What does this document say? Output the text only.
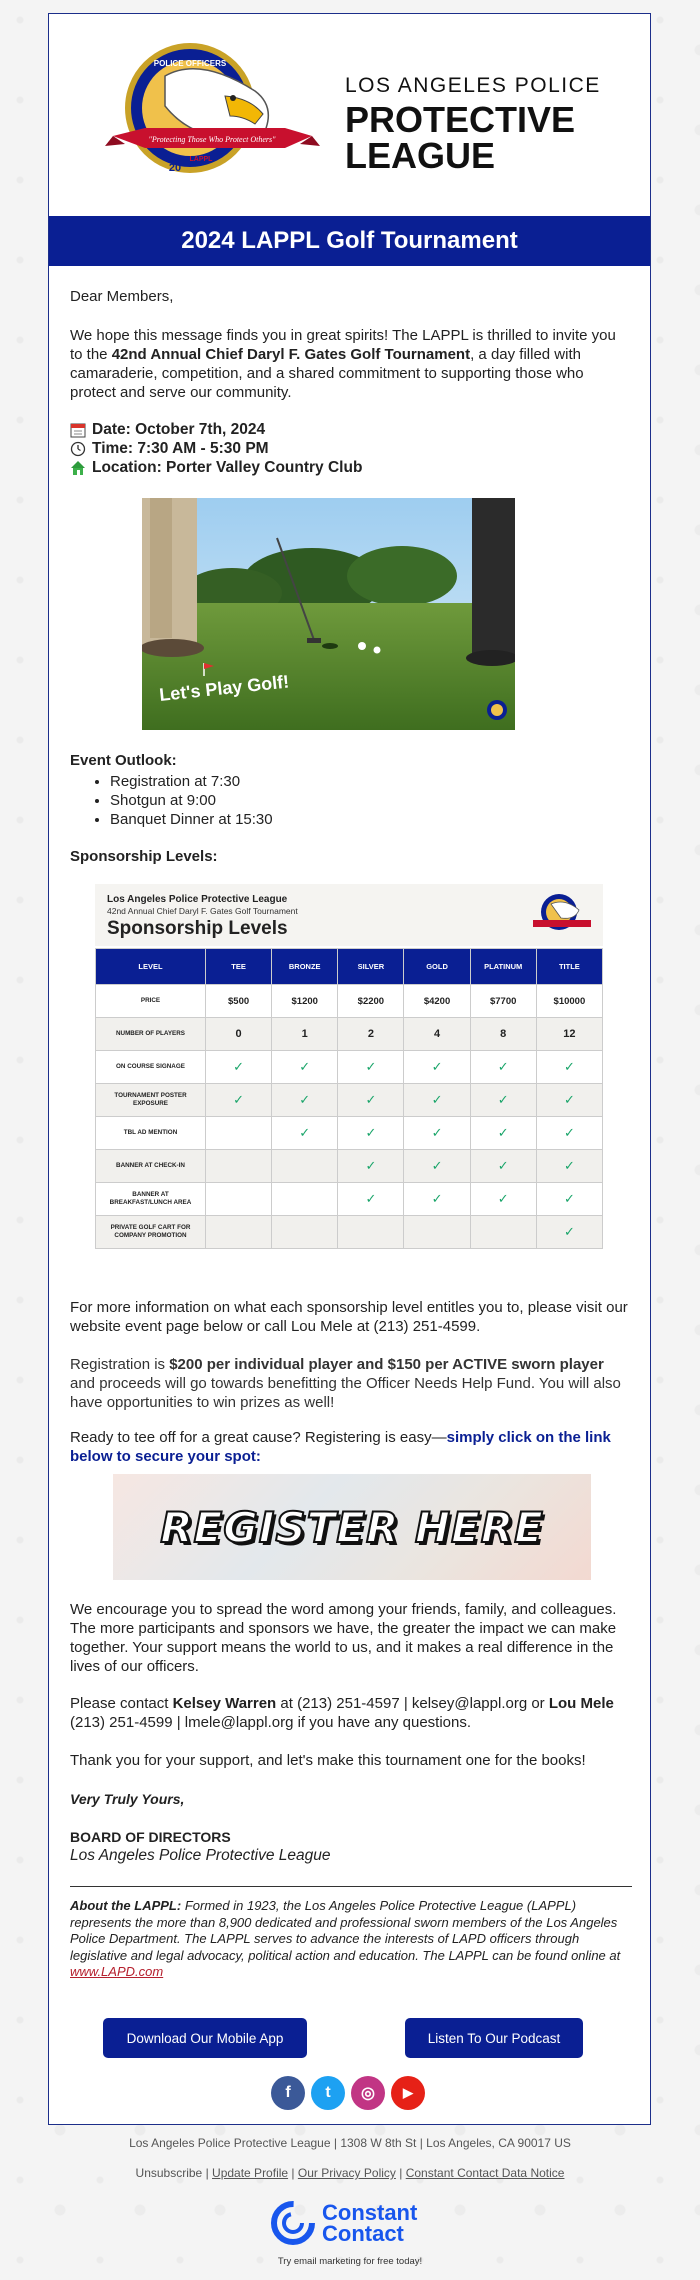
"Protecting Those Who Protect Others"
POLICE OFFICERS
20
LAPPL
LOS ANGELES POLICE
PROTECTIVE
LEAGUE
2024 LAPPL Golf Tournament
Dear Members,
We hope this message finds you in great spirits! The LAPPL is thrilled to invite you to the 42nd Annual Chief Daryl F. Gates Golf Tournament, a day filled with camaraderie, competition, and a shared commitment to supporting those who protect and serve our community.
Date: October 7th, 2024
Time: 7:30 AM - 5:30 PM
Location: Porter Valley Country Club
Let's Play Golf!
Event Outlook:
• Registration at 7:30
• Shotgun at 9:00
• Banquet Dinner at 15:30
Sponsorship Levels:
Los Angeles Police Protective League
42nd Annual Chief Daryl F. Gates Golf Tournament
Sponsorship Levels
LEVEL	TEE	BRONZE	SILVER	GOLD	PLATINUM	TITLE
PRICE	$500	$1200	$2200	$4200	$7700	$10000
NUMBER OF PLAYERS	0	1	2	4	8	12
ON COURSE SIGNAGE	✓	✓	✓	✓	✓	✓
TOURNAMENT POSTER EXPOSURE	✓	✓	✓	✓	✓	✓
TBL AD MENTION		✓	✓	✓	✓	✓
BANNER AT CHECK-IN			✓	✓	✓	✓
BANNER AT BREAKFAST/LUNCH AREA			✓	✓	✓	✓
PRIVATE GOLF CART FOR COMPANY PROMOTION						✓
For more information on what each sponsorship level entitles you to, please visit our website event page below or call Lou Mele at (213) 251-4599.
Registration is $200 per individual player and $150 per ACTIVE sworn player and proceeds will go towards benefitting the Officer Needs Help Fund. You will also have opportunities to win prizes as well!
Ready to tee off for a great cause? Registering is easy—simply click on the link below to secure your spot:
REGISTER HERE
We encourage you to spread the word among your friends, family, and colleagues. The more participants and sponsors we have, the greater the impact we can make together. Your support means the world to us, and it makes a real difference in the lives of our officers.
Please contact Kelsey Warren at (213) 251-4597 | kelsey@lappl.org or Lou Mele (213) 251-4599 | lmele@lappl.org if you have any questions.
Thank you for your support, and let's make this tournament one for the books!
Very Truly Yours,
BOARD OF DIRECTORS
Los Angeles Police Protective League
About the LAPPL: Formed in 1923, the Los Angeles Police Protective League (LAPPL) represents the more than 8,900 dedicated and professional sworn members of the Los Angeles Police Department. The LAPPL serves to advance the interests of LAPD officers through legislative and legal advocacy, political action and education. The LAPPL can be found online at www.LAPD.com
Download Our Mobile App	Listen To Our Podcast
f	t	◎	▶
Los Angeles Police Protective League | 1308 W 8th St | Los Angeles, CA 90017 US
Unsubscribe | Update Profile | Our Privacy Policy | Constant Contact Data Notice
Constant
Contact
Try email marketing for free today!
